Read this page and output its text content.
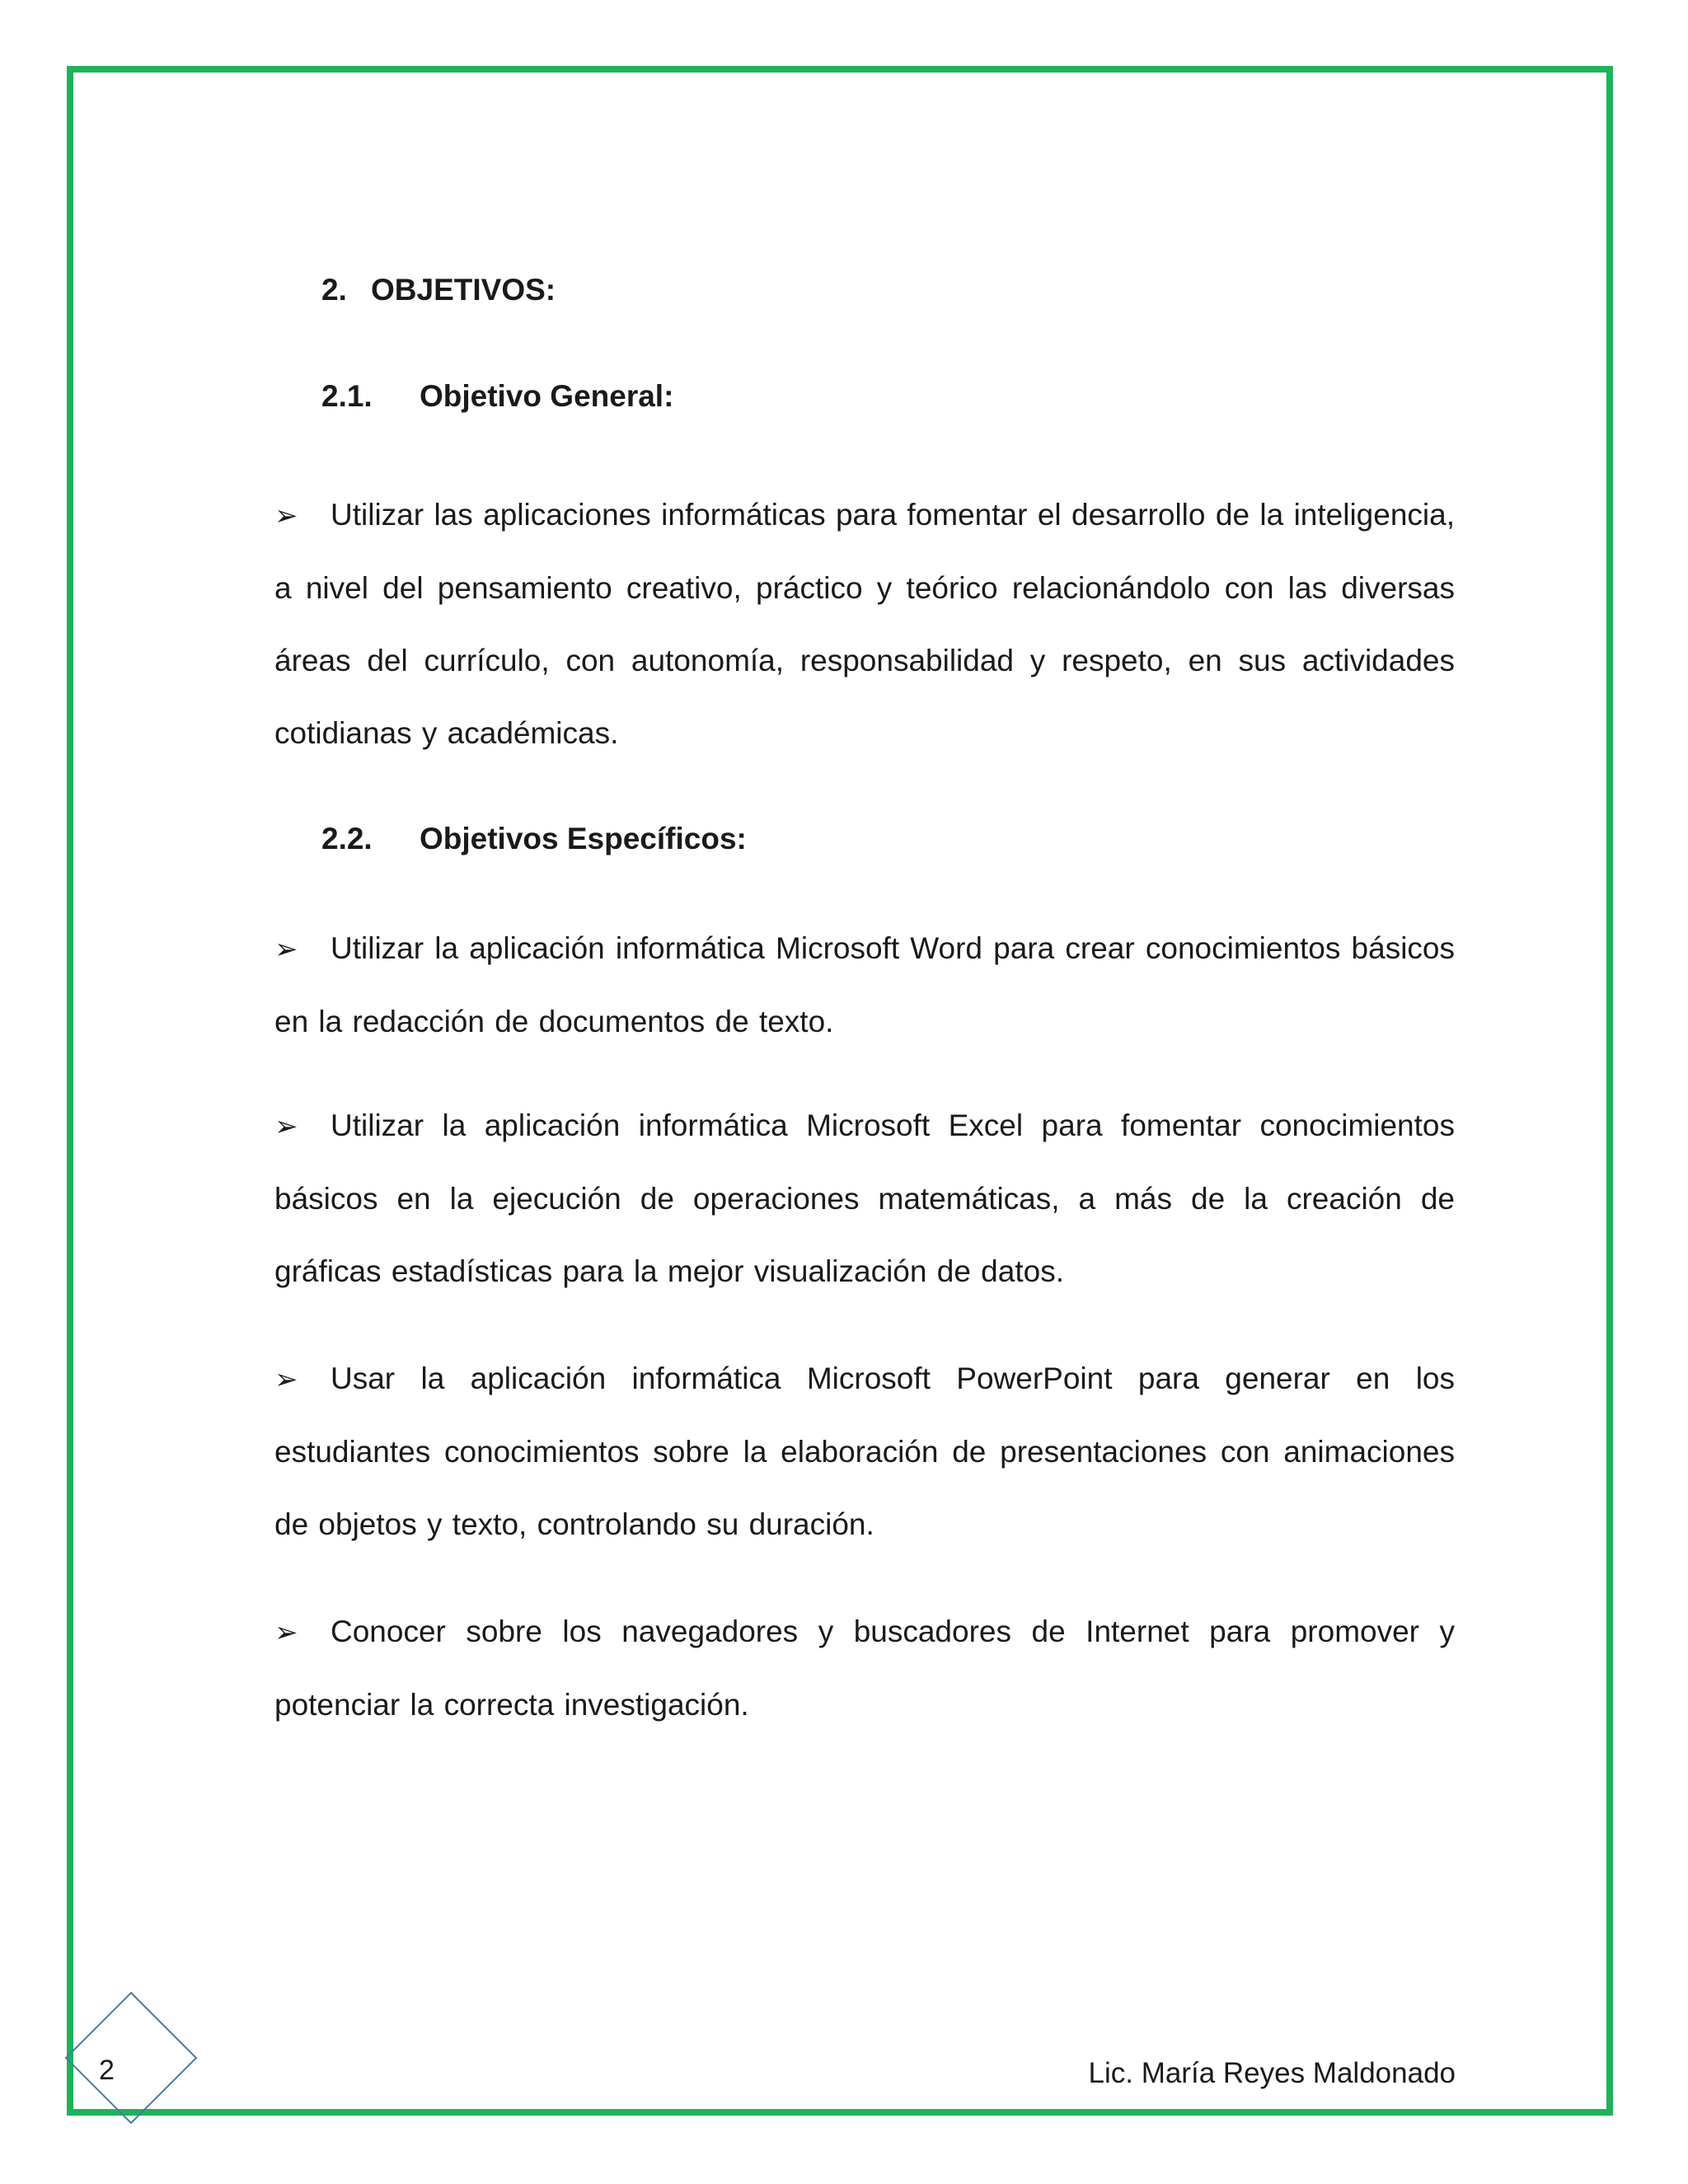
2. OBJETIVOS:
2.1. Objetivo General:
➢ Utilizar las aplicaciones informáticas para fomentar el desarrollo de la inteligencia, a nivel del pensamiento creativo, práctico y teórico relacionándolo con las diversas áreas del currículo, con autonomía, responsabilidad y respeto, en sus actividades cotidianas y académicas.
2.2. Objetivos Específicos:
➢ Utilizar la aplicación informática Microsoft Word para crear conocimientos básicos en la redacción de documentos de texto.
➢ Utilizar la aplicación informática Microsoft Excel para fomentar conocimientos básicos en la ejecución de operaciones matemáticas, a más de la creación de gráficas estadísticas para la mejor visualización de datos.
➢ Usar la aplicación informática Microsoft PowerPoint para generar en los estudiantes conocimientos sobre la elaboración de presentaciones con animaciones de objetos y texto, controlando su duración.
➢ Conocer sobre los navegadores y buscadores de Internet para promover y potenciar la correcta investigación.
2	Lic. María Reyes Maldonado
